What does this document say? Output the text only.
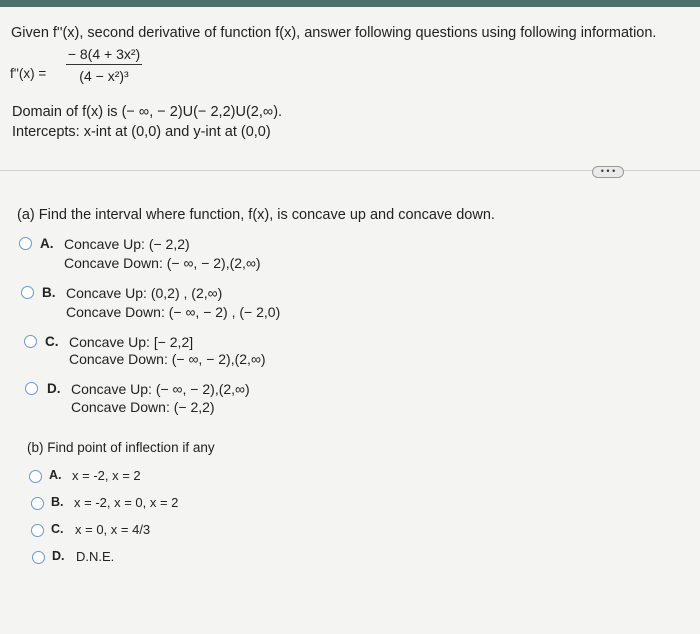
Given f''(x), second derivative of function f(x), answer following questions using following information.
f''(x) =
− 8(4 + 3x²)
(4 − x²)³
Domain of f(x) is (− ∞, − 2)U(− 2,2)U(2,∞).
Intercepts: x-int at (0,0) and y-int at (0,0)
• • •
(a) Find the interval where function, f(x), is concave up and concave down.
A. Concave Up: (− 2,2)
Concave Down: (− ∞, − 2),(2,∞)
B. Concave Up: (0,2) , (2,∞)
Concave Down: (− ∞, − 2) , (− 2,0)
C. Concave Up: [− 2,2]
Concave Down: (− ∞, − 2),(2,∞)
D. Concave Up: (− ∞, − 2),(2,∞)
Concave Down: (− 2,2)
(b) Find point of inflection if any
A. x = -2, x = 2
B. x = -2, x = 0, x = 2
C. x = 0, x = 4/3
D. D.N.E.
